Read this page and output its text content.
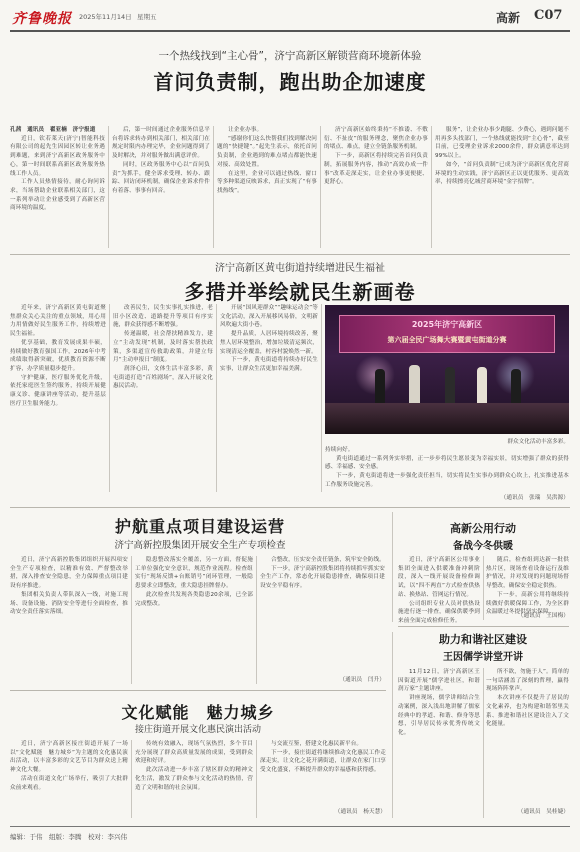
齐鲁晚报 2025年11月14日 星期五	高新 C07
一个热线找到“主心骨”，济宁高新区解锁营商环境新体验
首问负责制，跑出助企加速度

孔茜　通讯员　翟亚楠　济宁报道

近日，钦若莱天(济宁)智能科技有限公司的起先生因园区转让业务遇到难题，来到济宁高新区政务服务中心，第一时间联系高新区政务服务热线工作人员。

工作人员热情接待，耐心询问诉求，当场帮助企业联系相关部门，这一系列举动让企业感受到了高新区营商环境的温度。

后，第一时间通过企业服务信息平台将诉求转办到相关部门，相关部门在规定时限内办理完毕，企业问题得到了及时解决，并对服务做出满意评价。

同时，区政务服务中心以“首问负责”为抓手，健全诉求受理、转办、跟踪、回访闭环机制，确保企业诉求件件有着落、事事有回音。

让企业办事。

“感谢你们这么快帮我们找到解决问题的“快捷键”。”起先生表示，依托首问负责制，企业遇到的难点堵点都能快速对接、高效处置。

在这里，企业可以通过热线、窗口等多种渠道反映诉求，真正实现了“有事找热线”。

济宁高新区始终秉持“不推诿、不敷衍、不扯皮”的服务理念，聚焦企业办事的堵点、难点，建立全链条服务机制。

下一步，高新区将持续完善首问负责制，拓展服务内容，推动“高效办成一件事”改革走深走实，让企业办事更便捷、更舒心。

服务”，让企业办事少跑腿、少费心，遇到问题不用再多头找部门，一个热线就能找到“主心骨”，截至目前，已受理企业诉求2000余件，群众满意率达到99%以上。

如今，“首问负责制”已成为济宁高新区优化营商环境的生动实践，济宁高新区正以更优服务、更高效率，持续擦亮亿城营商环境“金字招牌”。

济宁高新区黄屯街道持续增进民生福祉
多措并举绘就民生新画卷

近年来，济宁高新区黄屯街道聚焦群众关心关注的重点领域，用心用力用情做好民生服务工作，持续增进民生福祉。

优享基础，教育发展成果丰硕，持续做好教育强国工作，2026年中考成绩取得新突破，优质教育资源不断扩容，办学质量稳步提升。

守护健康，医疗服务优化升级，依托家庭医生签约服务，持续开展健康义诊、健康讲座等活动，提升基层医疗卫生服务能力。

改善民生，民生实事扎实推进，老旧小区改造、道路提升等项目有序实施，群众获得感不断增强。

传递温暖，社会帮扶精准发力，建立“主动发现”机制，及时落实帮扶政策，多渠道宣传救助政策，并建立每月“主动申报日”制度。

润泽心田，文体生活丰富多彩，黄屯街道打造“百姓剧场”，深入开展文化惠民活动。

开展“国风迎群众”“趣味运动会”等文化活动，深入开展移风易俗，文明新风吹遍大街小巷。

提升品质，人居环境持续改善，聚焦人居环境整治，增加垃圾清运频次，实现清运全覆盖，村容村貌焕然一新。

下一步，黄屯街道将持续办好民生实事，让群众生活更加幸福美满。

2025年济宁高新区
第六届全民广场舞大赛暨黄屯街道分赛
群众文化活动丰富多彩。

持续向好。

黄屯街道通过一系列务实举措，正一步步将民生愿景变为幸福实景，切实增强了群众的获得感、幸福感、安全感。

下一步，黄屯街道将进一步强化责任担当，切实将民生实事办到群众心坎上，扎实推进基本工作服务设施完善。

（通讯员　张瑞　吴洪源）
护航重点项目建设运营
济宁高新控股集团开展安全生产专项检查

近日，济宁高新控股集团组织开展四项安全生产专项检查，以精准有效、严督整改举措，深入排查安全隐患，全力保障重点项目建设有序推进。

集团相关负责人带队深入一线，对施工现场、设备设施、消防安全等进行全面检查，推动安全责任落实落细。

隐患整改落实全覆盖，另一方面，督促施工单位强化安全意识，规范作业流程。检查组实行“现场反馈+台账销号”闭环管理，一般隐患要求立即整改，重大隐患挂牌督办。

此次检查共发现各类隐患20余项，已全部完成整改。

合整改，压实安全责任链条，筑牢安全防线。

下一步，济宁高新控股集团将持续抓牢抓实安全生产工作，常态化开展隐患排查，确保项目建设安全平稳有序。

（通讯员　闫升）
高新公用行动
备战今冬供暖

近日，济宁高新区公用事业集团全面进入供暖准备冲刺阶段，深入一线开展设备检修调试，以“四不两直”方式检查供热站、换热站、管网运行情况。

公司组织专业人员对供热设施进行逐一排查，确保供暖季到来前全面完成检修任务。

随后，检查组到达新一批供热片区，现场查看设备运行及维护情况，并对发现的问题现场督导整改，确保安全稳定供热。

下一步，高新公用将继续持续做好供暖保障工作，为全区群众温暖过冬提供坚实保障。

（通讯员　王国梅）
助力和谐社区建设
王因儒学讲堂开讲

11月12日，济宁高新区王因街道开展“儒学进社区，和谐润万家”主题讲座。

讲座现场，儒学讲师结合生动案例，深入浅出地讲解了儒家经典中的孝道、和谐、修身等思想，引导居民传承优秀传统文化。

所不欲，勿施于人”。简单的一句话涵盖了深刻的哲理，赢得现场阵阵掌声。

本次讲座不仅提升了居民的文化素养，也为构建和谐邻里关系、推进和谐社区建设注入了文化能量。

（通讯员　吴桂婕）
文化赋能　魅力城乡
接庄街道开展文化惠民演出活动

近日，济宁高新区接庄街道开展了一场以“文化赋能　魅力城乡”为主题的文化惠民演出活动，以丰富多彩的文艺节目为群众送上精神文化大餐。

活动在街道文化广场举行，吸引了大批群众前来观看。

传统有效融入，现场气氛热烈，多个节目充分展现了群众高质量发展的成果，受到群众欢迎和好评。

此次活动进一步丰富了辖区群众的精神文化生活，激发了群众参与文化活动的热情，营造了文明和谐的社会氛围。

与交流互鉴，搭建文化惠民新平台。

下一步，接庄街道将继续推动文化惠民工作走深走实，让文化之花开满街道，让群众在家门口享受文化盛宴，不断提升群众的幸福感和获得感。

（通讯员　杨天慧）
编辑：于伟　组版：李腾　校对：李兴伟
